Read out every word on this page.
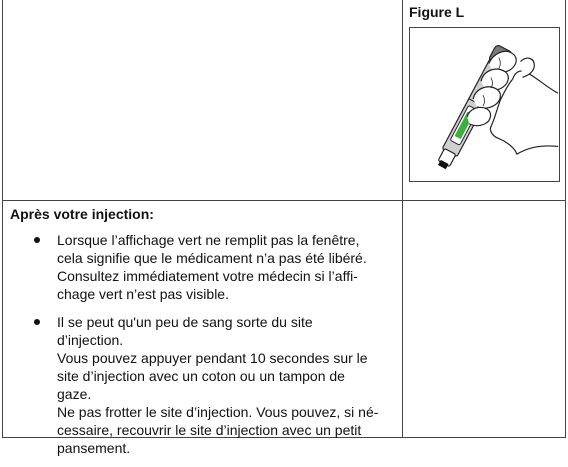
Figure L
Après votre injection:
Lorsque l’affichage vert ne remplit pas la fenêtre,
cela signifie que le médicament n’a pas été libéré.
Consultez immédiatement votre médecin si l’affi-
chage vert n’est pas visible.
Il se peut qu'un peu de sang sorte du site d’injection.
Vous pouvez appuyer pendant 10 secondes sur le
site d’injection avec un coton ou un tampon de gaze.
Ne pas frotter le site d’injection. Vous pouvez, si né-
cessaire, recouvrir le site d’injection avec un petit
pansement.
